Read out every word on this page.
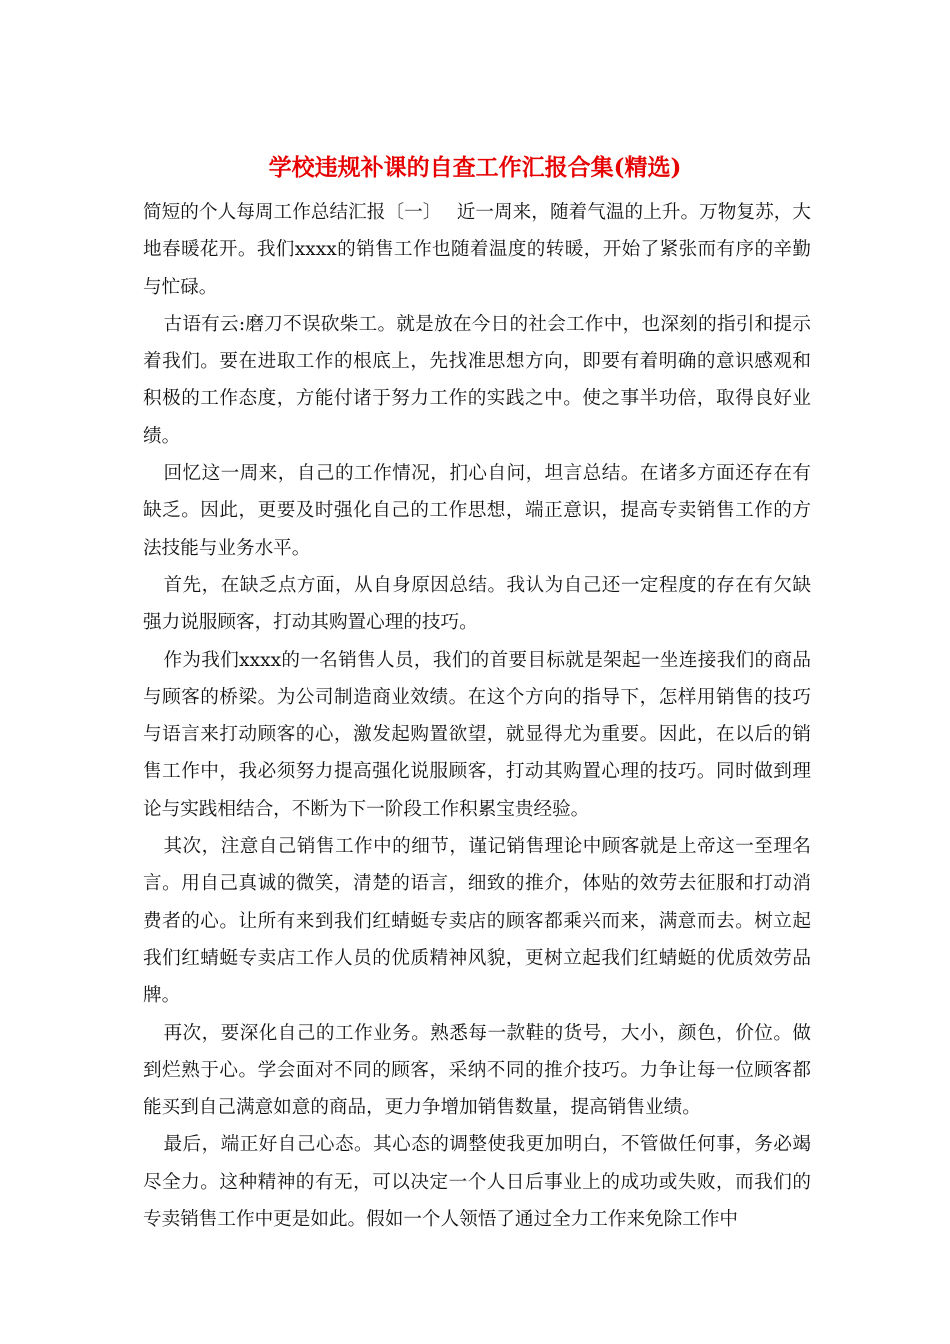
学校违规补课的自查工作汇报合集(精选)

简短的个人每周工作总结汇报〔一〕　 近一周来，随着气温的上升。万物复苏，大地春暖花开。我们xxxx的销售工作也随着温度的转暖，开始了紧张而有序的辛勤与忙碌。

古语有云:磨刀不误砍柴工。就是放在今日的社会工作中，也深刻的指引和提示着我们。要在进取工作的根底上，先找准思想方向，即要有着明确的意识感观和积极的工作态度，方能付诸于努力工作的实践之中。使之事半功倍，取得良好业绩。

回忆这一周来，自己的工作情况，扪心自问，坦言总结。在诸多方面还存在有缺乏。因此，更要及时强化自己的工作思想，端正意识，提高专卖销售工作的方法技能与业务水平。

首先，在缺乏点方面，从自身原因总结。我认为自己还一定程度的存在有欠缺强力说服顾客，打动其购置心理的技巧。

作为我们xxxx的一名销售人员，我们的首要目标就是架起一坐连接我们的商品与顾客的桥梁。为公司制造商业效绩。在这个方向的指导下，怎样用销售的技巧与语言来打动顾客的心，激发起购置欲望，就显得尤为重要。因此，在以后的销售工作中，我必须努力提高强化说服顾客，打动其购置心理的技巧。同时做到理论与实践相结合，不断为下一阶段工作积累宝贵经验。

其次，注意自己销售工作中的细节，谨记销售理论中顾客就是上帝这一至理名言。用自己真诚的微笑，清楚的语言，细致的推介，体贴的效劳去征服和打动消费者的心。让所有来到我们红蜻蜓专卖店的顾客都乘兴而来，满意而去。树立起我们红蜻蜓专卖店工作人员的优质精神风貌，更树立起我们红蜻蜓的优质效劳品牌。

再次，要深化自己的工作业务。熟悉每一款鞋的货号，大小，颜色，价位。做到烂熟于心。学会面对不同的顾客，采纳不同的推介技巧。力争让每一位顾客都能买到自己满意如意的商品，更力争增加销售数量，提高销售业绩。

最后，端正好自己心态。其心态的调整使我更加明白，不管做任何事，务必竭尽全力。这种精神的有无，可以决定一个人日后事业上的成功或失败，而我们的专卖销售工作中更是如此。假如一个人领悟了通过全力工作来免除工作中
